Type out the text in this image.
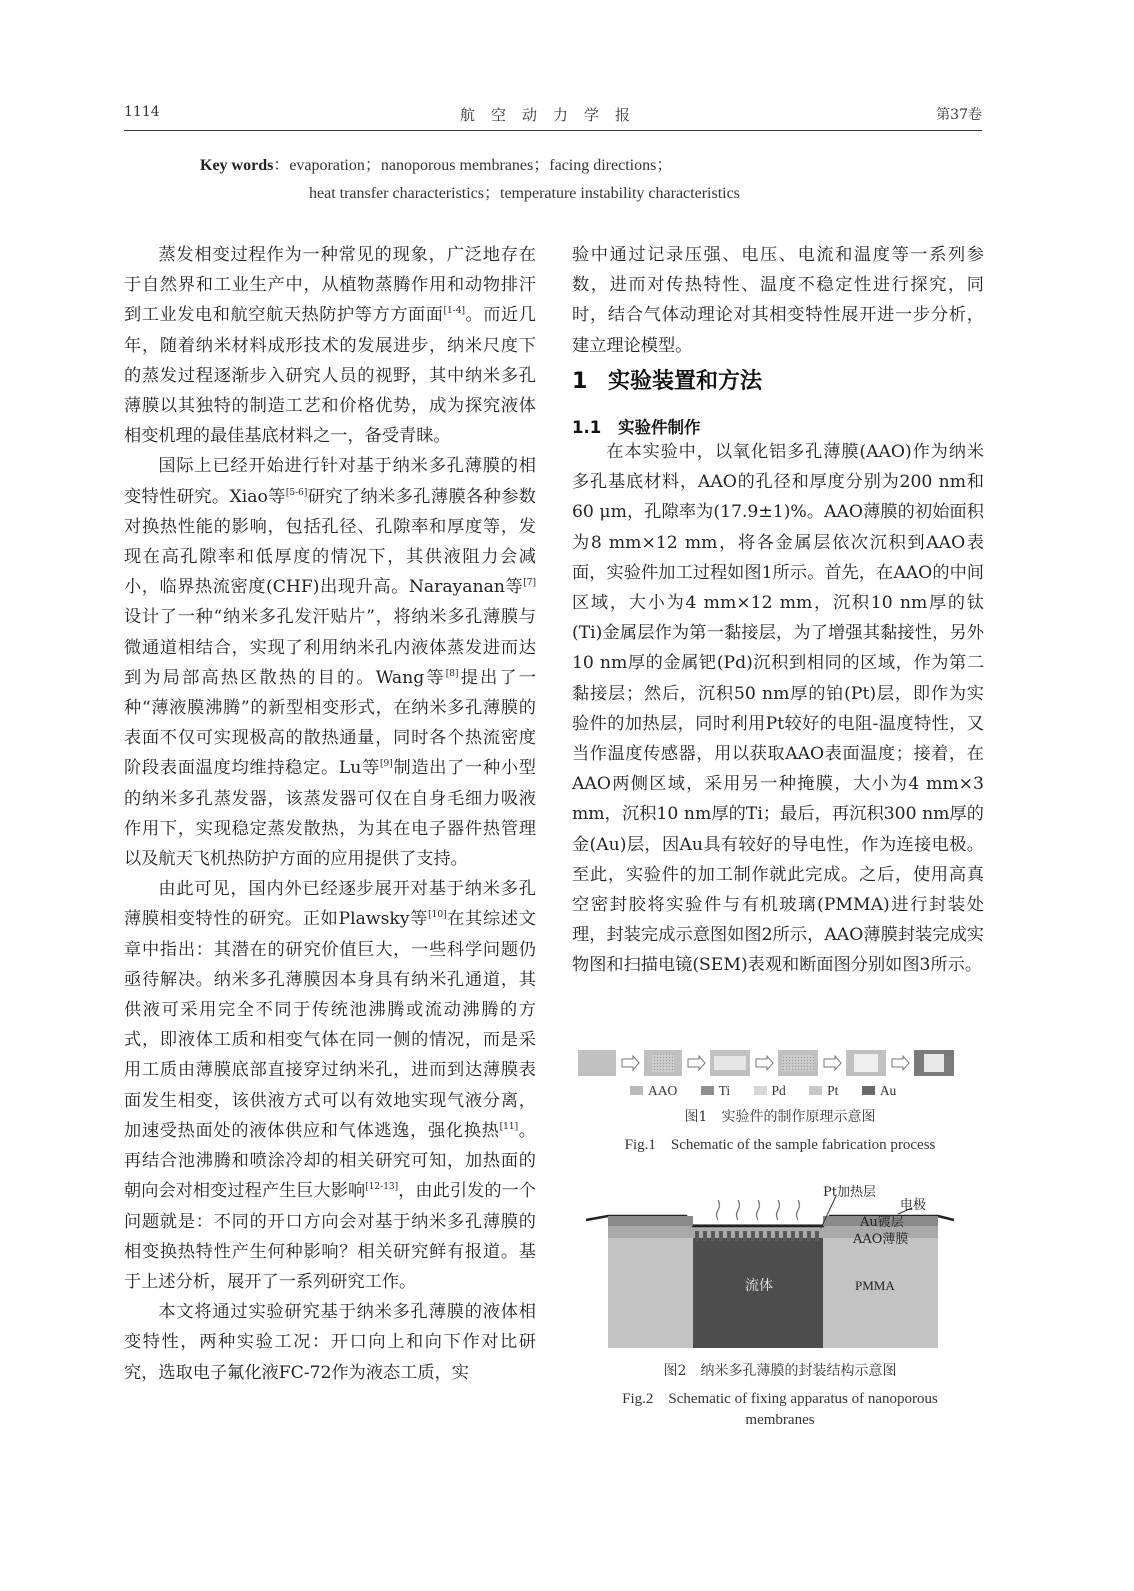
1114	航空动力学报	第37卷
Key words：evaporation；nanoporous membranes；facing directions；
heat transfer characteristics；temperature instability characteristics

蒸发相变过程作为一种常见的现象，广泛地存在于自然界和工业生产中，从植物蒸腾作用和动物排汗到工业发电和航空航天热防护等方方面面[1-4]。而近几年，随着纳米材料成形技术的发展进步，纳米尺度下的蒸发过程逐渐步入研究人员的视野，其中纳米多孔薄膜以其独特的制造工艺和价格优势，成为探究液体相变机理的最佳基底材料之一，备受青睐。

国际上已经开始进行针对基于纳米多孔薄膜的相变特性研究。Xiao等[5-6]研究了纳米多孔薄膜各种参数对换热性能的影响，包括孔径、孔隙率和厚度等，发现在高孔隙率和低厚度的情况下，其供液阻力会减小，临界热流密度(CHF)出现升高。Narayanan等[7]设计了一种“纳米多孔发汗贴片”，将纳米多孔薄膜与微通道相结合，实现了利用纳米孔内液体蒸发进而达到为局部高热区散热的目的。Wang等[8]提出了一种“薄液膜沸腾”的新型相变形式，在纳米多孔薄膜的表面不仅可实现极高的散热通量，同时各个热流密度阶段表面温度均维持稳定。Lu等[9]制造出了一种小型的纳米多孔蒸发器，该蒸发器可仅在自身毛细力吸液作用下，实现稳定蒸发散热，为其在电子器件热管理以及航天飞机热防护方面的应用提供了支持。

由此可见，国内外已经逐步展开对基于纳米多孔薄膜相变特性的研究。正如Plawsky等[10]在其综述文章中指出：其潜在的研究价值巨大，一些科学问题仍亟待解决。纳米多孔薄膜因本身具有纳米孔通道，其供液可采用完全不同于传统池沸腾或流动沸腾的方式，即液体工质和相变气体在同一侧的情况，而是采用工质由薄膜底部直接穿过纳米孔，进而到达薄膜表面发生相变，该供液方式可以有效地实现气液分离，加速受热面处的液体供应和气体逃逸，强化换热[11]。再结合池沸腾和喷涂冷却的相关研究可知，加热面的朝向会对相变过程产生巨大影响[12-13]，由此引发的一个问题就是：不同的开口方向会对基于纳米多孔薄膜的相变换热特性产生何种影响？相关研究鲜有报道。基于上述分析，展开了一系列研究工作。

本文将通过实验研究基于纳米多孔薄膜的液体相变特性，两种实验工况：开口向上和向下作对比研究，选取电子氟化液FC-72作为液态工质，实

验中通过记录压强、电压、电流和温度等一系列参数，进而对传热特性、温度不稳定性进行探究，同时，结合气体动理论对其相变特性展开进一步分析，建立理论模型。

1 实验装置和方法
1.1 实验件制作

在本实验中，以氧化铝多孔薄膜(AAO)作为纳米多孔基底材料，AAO的孔径和厚度分别为200 nm和60 μm，孔隙率为(17.9±1)%。AAO薄膜的初始面积为8 mm×12 mm，将各金属层依次沉积到AAO表面，实验件加工过程如图1所示。首先，在AAO的中间区域，大小为4 mm×12 mm，沉积10 nm厚的钛(Ti)金属层作为第一黏接层，为了增强其黏接性，另外10 nm厚的金属钯(Pd)沉积到相同的区域，作为第二黏接层；然后，沉积50 nm厚的铂(Pt)层，即作为实验件的加热层，同时利用Pt较好的电阻-温度特性，又当作温度传感器，用以获取AAO表面温度；接着，在AAO两侧区域，采用另一种掩膜，大小为4 mm×3 mm，沉积10 nm厚的Ti；最后，再沉积300 nm厚的金(Au)层，因Au具有较好的导电性，作为连接电极。至此，实验件的加工制作就此完成。之后，使用高真空密封胶将实验件与有机玻璃(PMMA)进行封装处理，封装完成示意图如图2所示，AAO薄膜封装完成实物图和扫描电镜(SEM)表观和断面图分别如图3所示。

AAO	Ti	Pd	Pt	Au
图1　实验件的制作原理示意图
Fig.1　Schematic of the sample fabrication process
Pt加热层
电极
Au镀层
AAO薄膜
流体	PMMA
图2　纳米多孔薄膜的封装结构示意图
Fig.2　Schematic of fixing apparatus of nanoporous
membranes
